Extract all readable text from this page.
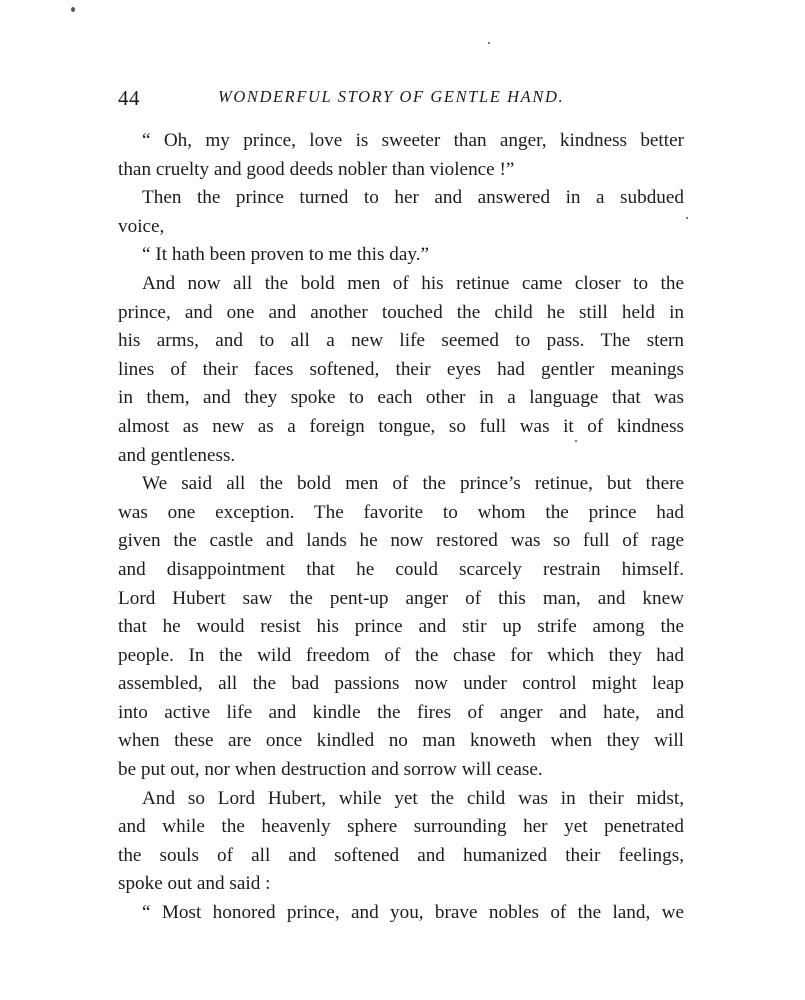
44	WONDERFUL STORY OF GENTLE HAND.
“ Oh, my prince, love is sweeter than anger, kindness better
than cruelty and good deeds nobler than violence !”
Then the prince turned to her and answered in a subdued
voice,
“ It hath been proven to me this day.”
And now all the bold men of his retinue came closer to the
prince, and one and another touched the child he still held in
his arms, and to all a new life seemed to pass. The stern
lines of their faces softened, their eyes had gentler meanings
in them, and they spoke to each other in a language that was
almost as new as a foreign tongue, so full was it of kindness
and gentleness.
We said all the bold men of the prince’s retinue, but there
was one exception. The favorite to whom the prince had
given the castle and lands he now restored was so full of rage
and disappointment that he could scarcely restrain himself.
Lord Hubert saw the pent-up anger of this man, and knew
that he would resist his prince and stir up strife among the
people. In the wild freedom of the chase for which they had
assembled, all the bad passions now under control might leap
into active life and kindle the fires of anger and hate, and
when these are once kindled no man knoweth when they will
be put out, nor when destruction and sorrow will cease.
And so Lord Hubert, while yet the child was in their midst,
and while the heavenly sphere surrounding her yet penetrated
the souls of all and softened and humanized their feelings,
spoke out and said :
“ Most honored prince, and you, brave nobles of the land, we
